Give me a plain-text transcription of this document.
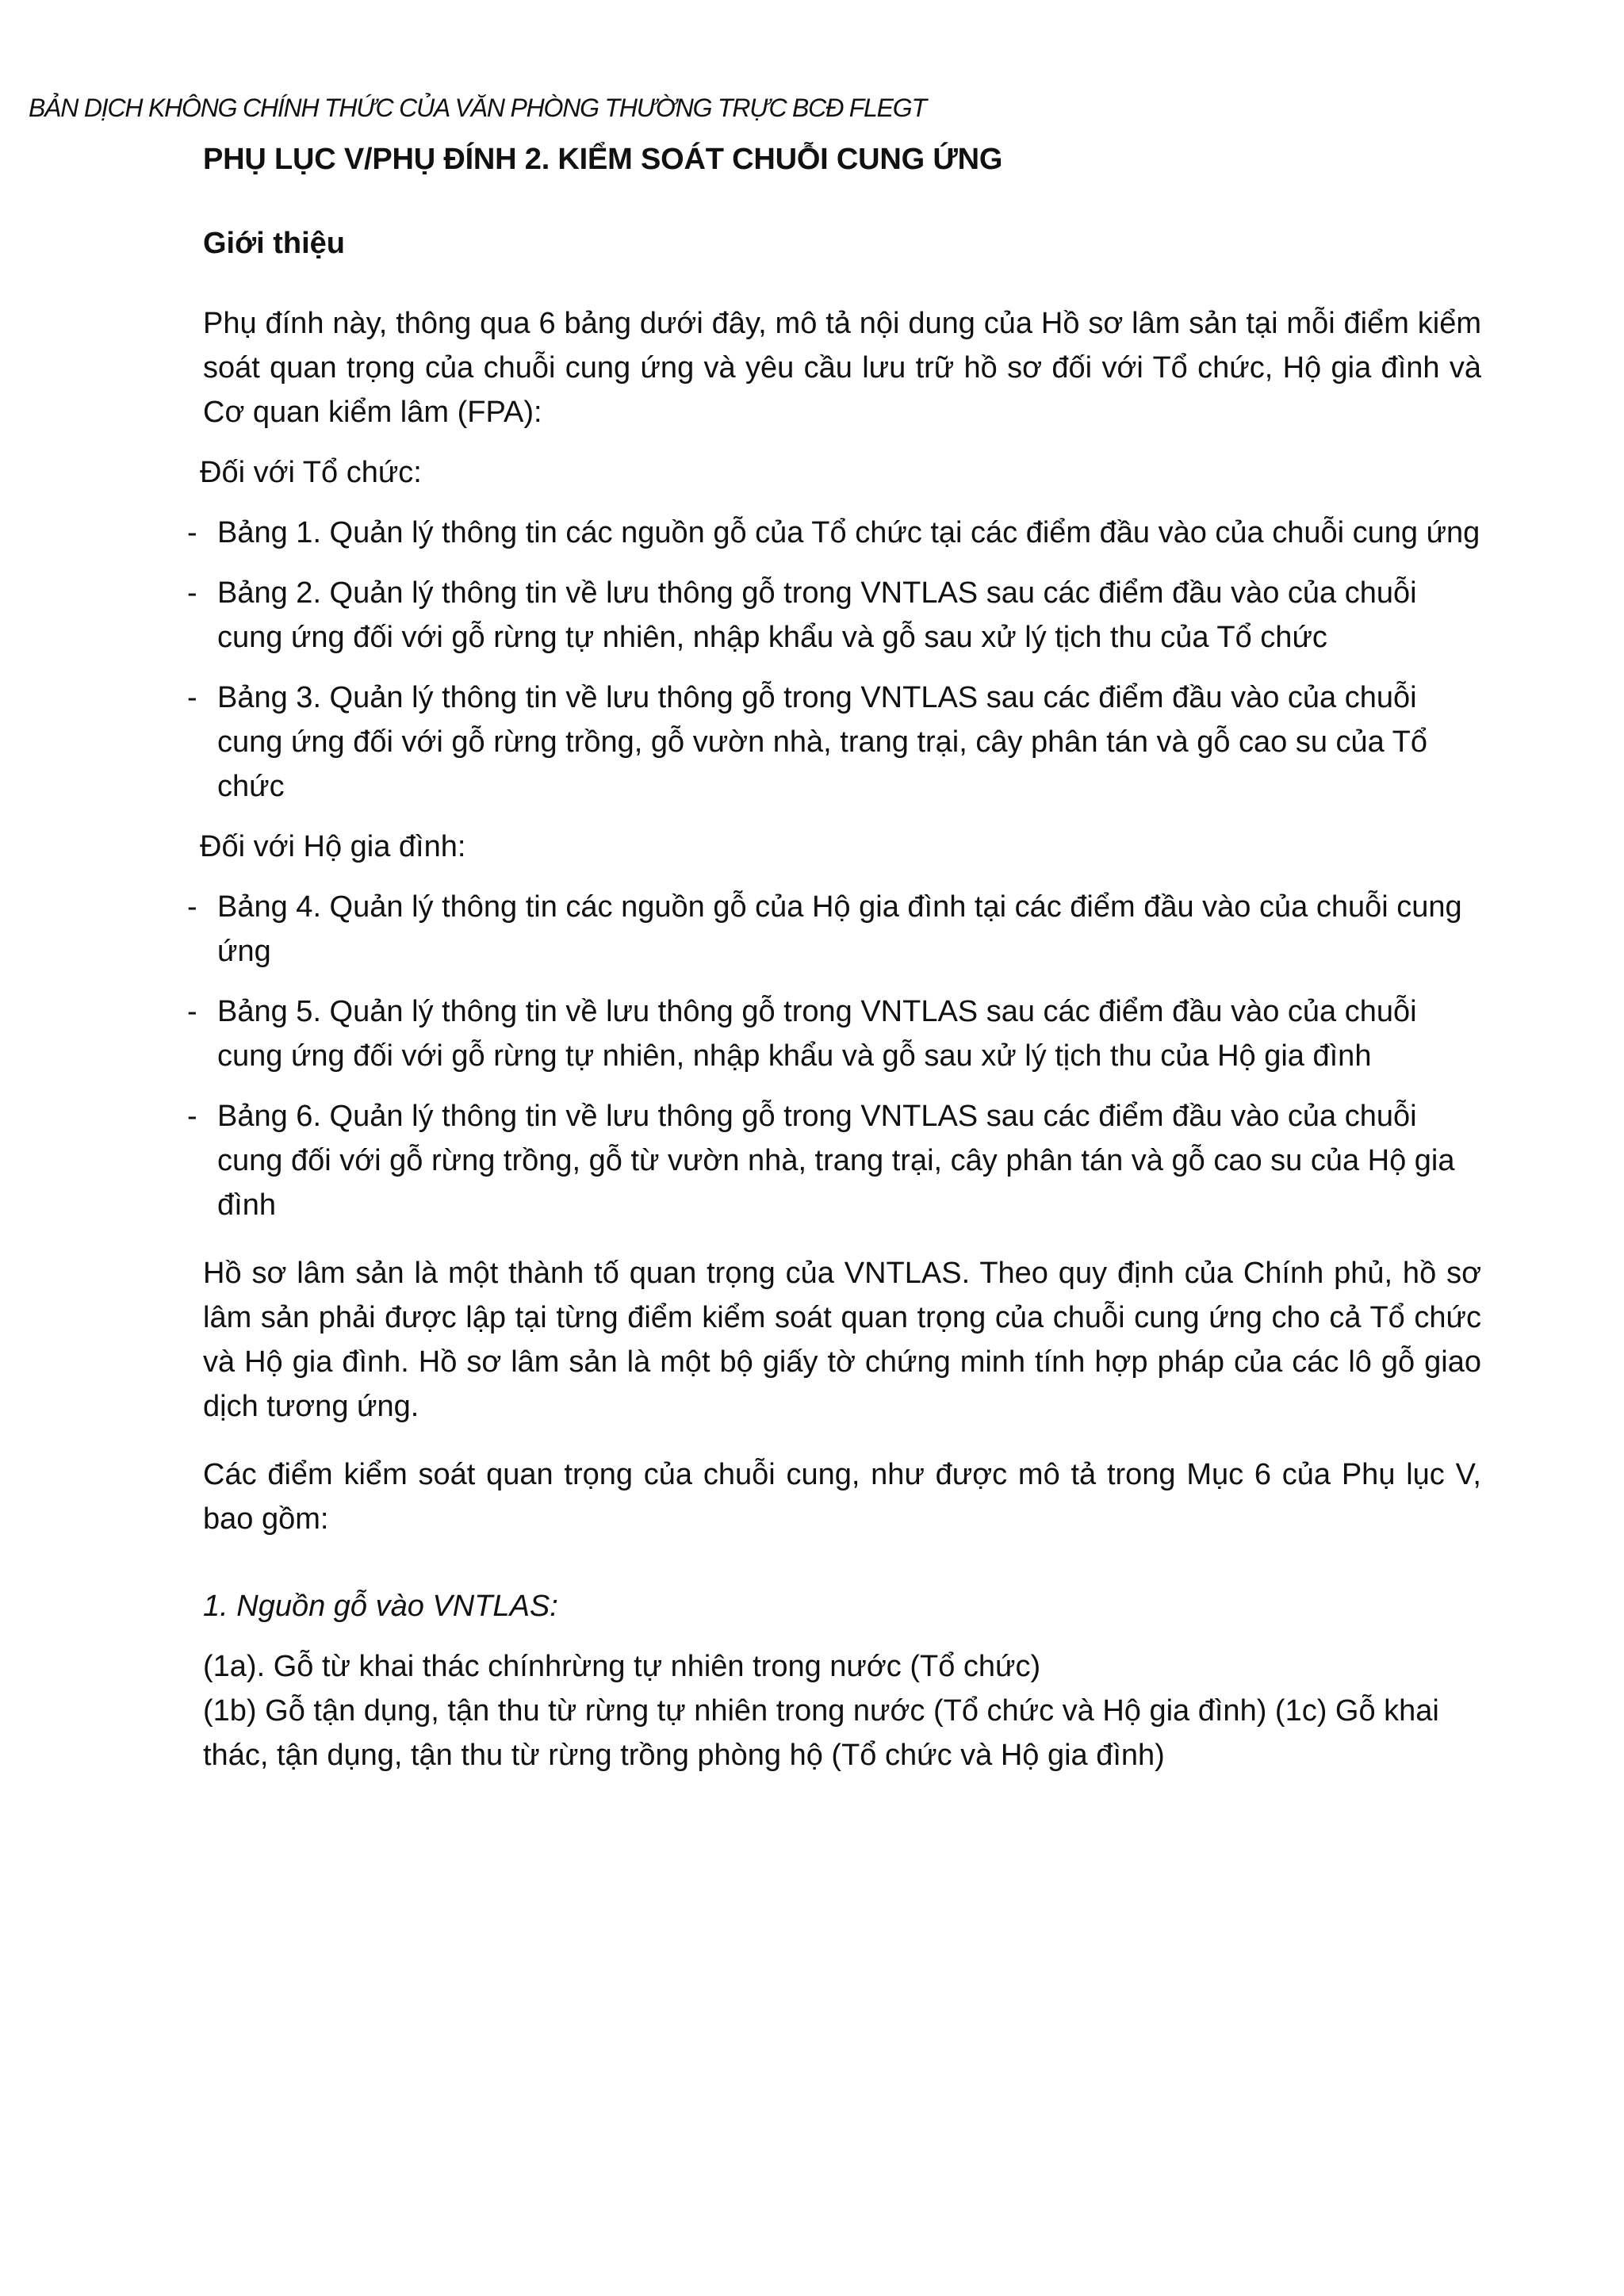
BẢN DỊCH KHÔNG CHÍNH THỨC CỦA VĂN PHÒNG THƯỜNG TRỰC BCĐ FLEGT
PHỤ LỤC V/PHỤ ĐÍNH 2. KIỂM SOÁT CHUỖI CUNG ỨNG
Giới thiệu

Phụ đính này, thông qua 6 bảng dưới đây, mô tả nội dung của Hồ sơ lâm sản tại mỗi điểm kiểm soát quan trọng của chuỗi cung ứng và yêu cầu lưu trữ hồ sơ đối với Tổ chức, Hộ gia đình và Cơ quan kiểm lâm (FPA):

Đối với Tổ chức:
- Bảng 1. Quản lý thông tin các nguồn gỗ của Tổ chức tại các điểm đầu vào của chuỗi cung ứng
- Bảng 2. Quản lý thông tin về lưu thông gỗ trong VNTLAS sau các điểm đầu vào của chuỗi cung ứng đối với gỗ rừng tự nhiên, nhập khẩu và gỗ sau xử lý tịch thu của Tổ chức
- Bảng 3. Quản lý thông tin về lưu thông gỗ trong VNTLAS sau các điểm đầu vào của chuỗi cung ứng đối với gỗ rừng trồng, gỗ vườn nhà, trang trại, cây phân tán và gỗ cao su của Tổ chức
Đối với Hộ gia đình:
- Bảng 4. Quản lý thông tin các nguồn gỗ của Hộ gia đình tại các điểm đầu vào của chuỗi cung ứng
- Bảng 5. Quản lý thông tin về lưu thông gỗ trong VNTLAS sau các điểm đầu vào của chuỗi cung ứng đối với gỗ rừng tự nhiên, nhập khẩu và gỗ sau xử lý tịch thu của Hộ gia đình
- Bảng 6. Quản lý thông tin về lưu thông gỗ trong VNTLAS sau các điểm đầu vào của chuỗi cung đối với gỗ rừng trồng, gỗ từ vườn nhà, trang trại, cây phân tán và gỗ cao su của Hộ gia đình

Hồ sơ lâm sản là một thành tố quan trọng của VNTLAS. Theo quy định của Chính phủ, hồ sơ lâm sản phải được lập tại từng điểm kiểm soát quan trọng của chuỗi cung ứng cho cả Tổ chức và Hộ gia đình. Hồ sơ lâm sản là một bộ giấy tờ chứng minh tính hợp pháp của các lô gỗ giao dịch tương ứng.

Các điểm kiểm soát quan trọng của chuỗi cung, như được mô tả trong Mục 6 của Phụ lục V, bao gồm:

1. Nguồn gỗ vào VNTLAS:
(1a). Gỗ từ khai thác chínhrừng tự nhiên trong nước (Tổ chức)
(1b) Gỗ tận dụng, tận thu từ rừng tự nhiên trong nước (Tổ chức và Hộ gia đình) (1c) Gỗ khai thác, tận dụng, tận thu từ rừng trồng phòng hộ (Tổ chức và Hộ gia đình)
